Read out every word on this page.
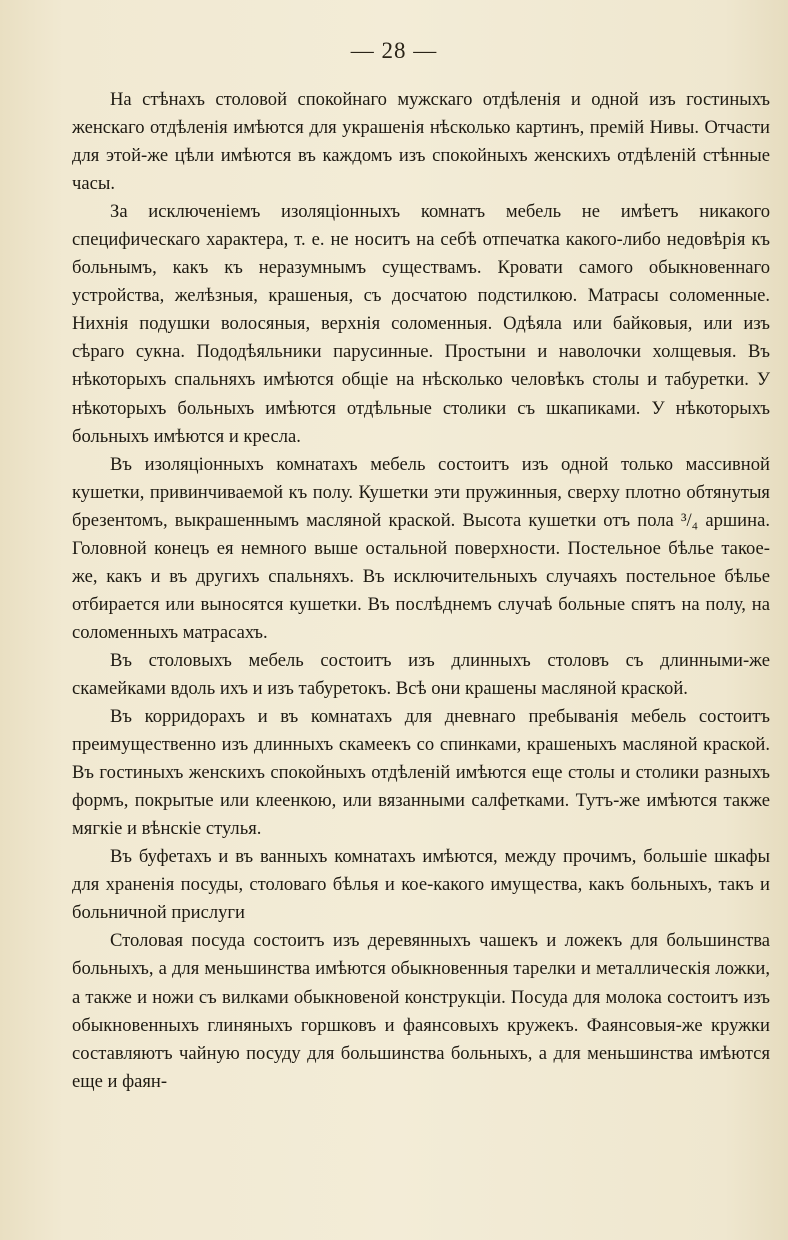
— 28 —

На стѣнахъ столовой спокойнаго мужскаго отдѣленія и одной изъ гостиныхъ женскаго отдѣленія имѣются для украшенія нѣсколько картинъ, премій Нивы. Отчасти для этой-же цѣли имѣются въ каждомъ изъ спокойныхъ женскихъ отдѣленій стѣнные часы.

За исключеніемъ изоляціонныхъ комнатъ мебель не имѣетъ никакого специфическаго характера, т. е. не носитъ на себѣ отпечатка какого-либо недовѣрія къ больнымъ, какъ къ неразумнымъ существамъ. Кровати самого обыкновеннаго устройства, желѣзныя, крашеныя, съ досчатою подстилкою. Матрасы соломенные. Нихнія подушки волосяныя, верхнія соломенныя. Одѣяла или байковыя, или изъ сѣраго сукна. Пододѣяльники парусинные. Простыни и наволочки холщевыя. Въ нѣкоторыхъ спальняхъ имѣются общіе на нѣсколько человѣкъ столы и табуретки. У нѣкоторыхъ больныхъ имѣются отдѣльные столики съ шкапиками. У нѣкоторыхъ больныхъ имѣются и кресла.

Въ изоляціонныхъ комнатахъ мебель состоитъ изъ одной только массивной кушетки, привинчиваемой къ полу. Кушетки эти пружинныя, сверху плотно обтянутыя брезентомъ, выкрашеннымъ масляной краской. Высота кушетки отъ пола ³/₄ аршина. Головной конецъ ея немного выше остальной поверхности. Постельное бѣлье такое-же, какъ и въ другихъ спальняхъ. Въ исключительныхъ случаяхъ постельное бѣлье отбирается или выносятся кушетки. Въ послѣднемъ случаѣ больные спятъ на полу, на соломенныхъ матрасахъ.

Въ столовыхъ мебель состоитъ изъ длинныхъ столовъ съ длинными-же скамейками вдоль ихъ и изъ табуретокъ. Всѣ они крашены масляной краской.

Въ корридорахъ и въ комнатахъ для дневнаго пребыванія мебель состоитъ преимущественно изъ длинныхъ скамеекъ со спинками, крашеныхъ масляной краской. Въ гостиныхъ женскихъ спокойныхъ отдѣленій имѣются еще столы и столики разныхъ формъ, покрытые или клеенкою, или вязанными салфетками. Тутъ-же имѣются также мягкіе и вѣнскіе стулья.

Въ буфетахъ и въ ванныхъ комнатахъ имѣются, между прочимъ, большіе шкафы для храненія посуды, столоваго бѣлья и кое-какого имущества, какъ больныхъ, такъ и больничной прислуги

Столовая посуда состоитъ изъ деревянныхъ чашекъ и ложекъ для большинства больныхъ, а для меньшинства имѣются обыкновенныя тарелки и металлическія ложки, а также и ножи съ вилками обыкновеной конструкціи. Посуда для молока состоитъ изъ обыкновенныхъ глиняныхъ горшковъ и фаянсовыхъ кружекъ. Фаянсовыя-же кружки составляютъ чайную посуду для большинства больныхъ, а для меньшинства имѣются еще и фаян-
